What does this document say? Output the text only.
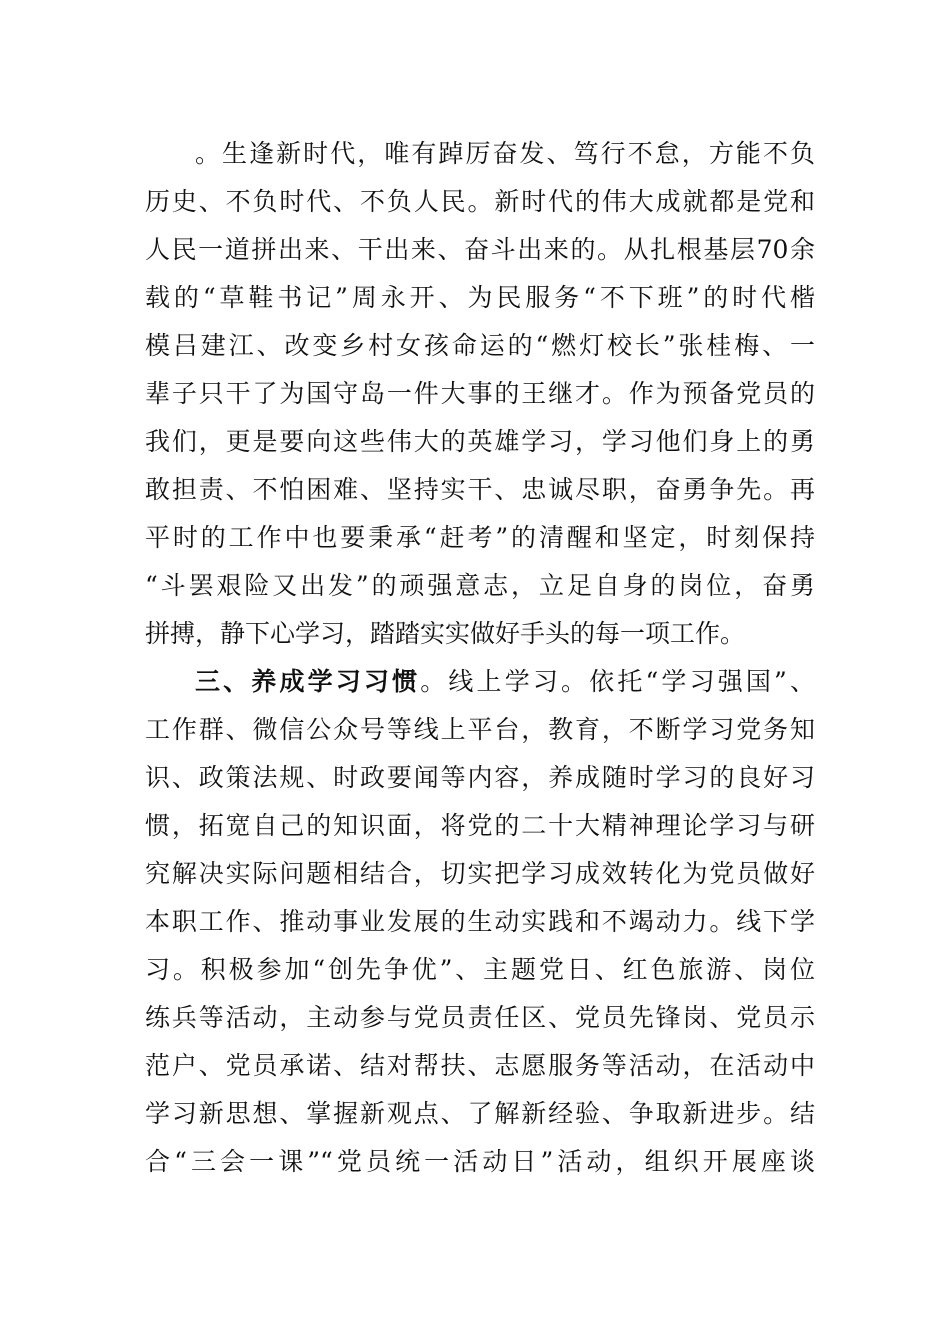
。生逢新时代，唯有踔厉奋发、笃行不怠，方能不负
历史、不负时代、不负人民。新时代的伟大成就都是党和
人民一道拼出来、干出来、奋斗出来的。从扎根基层70余
载的“草鞋书记”周永开、为民服务“不下班”的时代楷
模吕建江、改变乡村女孩命运的“燃灯校长”张桂梅、一
辈子只干了为国守岛一件大事的王继才。作为预备党员的
我们，更是要向这些伟大的英雄学习，学习他们身上的勇
敢担责、不怕困难、坚持实干、忠诚尽职，奋勇争先。再
平时的工作中也要秉承“赶考”的清醒和坚定，时刻保持
“斗罢艰险又出发”的顽强意志，立足自身的岗位，奋勇
拼搏，静下心学习，踏踏实实做好手头的每一项工作。
三、养成学习习惯。线上学习。依托“学习强国”、
工作群、微信公众号等线上平台，教育，不断学习党务知
识、政策法规、时政要闻等内容，养成随时学习的良好习
惯，拓宽自己的知识面，将党的二十大精神理论学习与研
究解决实际问题相结合，切实把学习成效转化为党员做好
本职工作、推动事业发展的生动实践和不竭动力。线下学
习。积极参加“创先争优”、主题党日、红色旅游、岗位
练兵等活动，主动参与党员责任区、党员先锋岗、党员示
范户、党员承诺、结对帮扶、志愿服务等活动，在活动中
学习新思想、掌握新观点、了解新经验、争取新进步。结
合“三会一课”“党员统一活动日”活动，组织开展座谈
